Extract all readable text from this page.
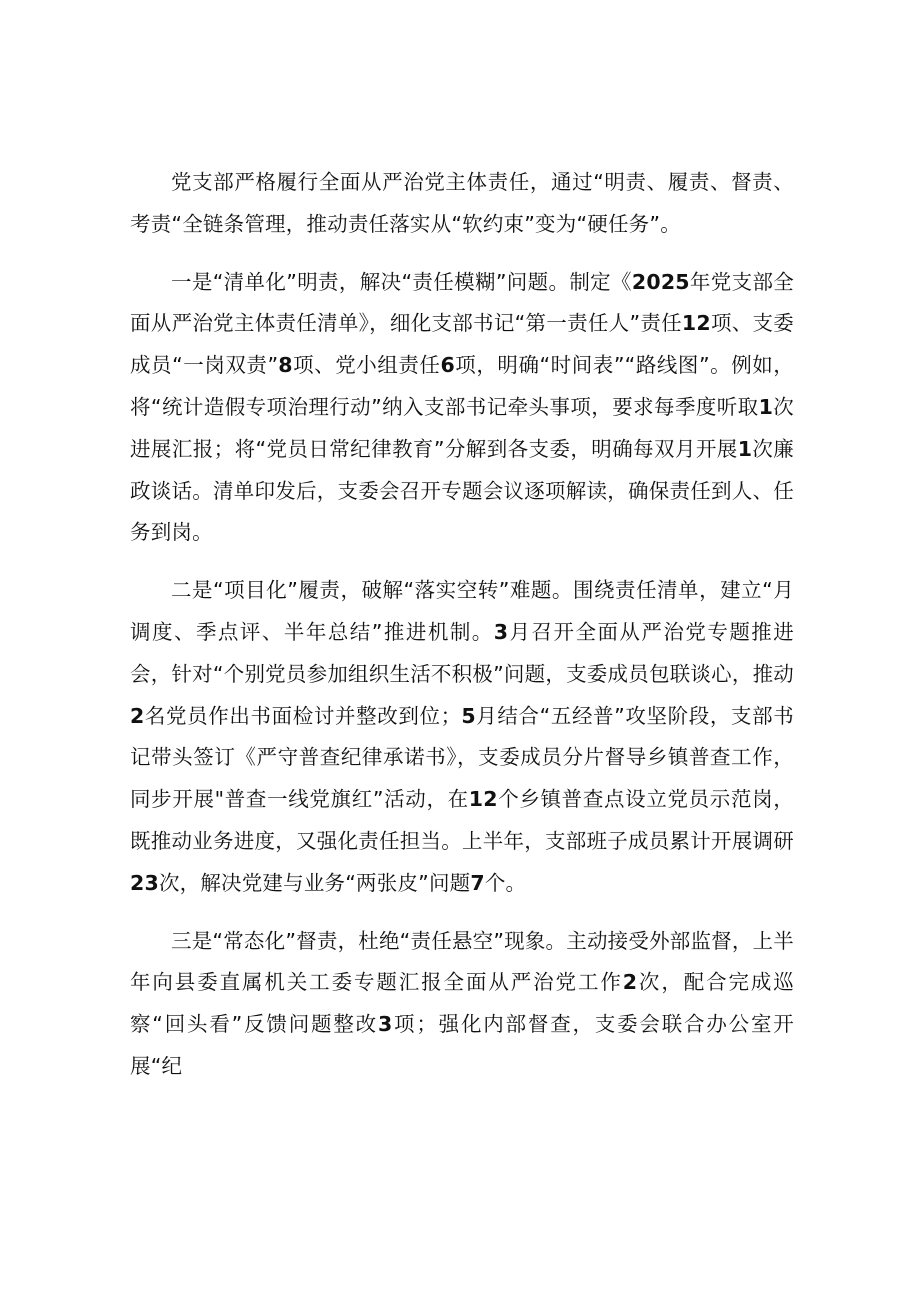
党支部严格履行全面从严治党主体责任，通过“明责、履责、督责、考责“全链条管理，推动责任落实从“软约束”变为“硬任务”。

一是“清单化”明责，解决“责任模糊”问题。制定《2025年党支部全面从严治党主体责任清单》，细化支部书记“第一责任人”责任12项、支委成员“一岗双责”8项、党小组责任6项，明确“时间表”“路线图”。例如，将“统计造假专项治理行动”纳入支部书记牵头事项，要求每季度听取1次进展汇报；将“党员日常纪律教育”分解到各支委，明确每双月开展1次廉政谈话。清单印发后，支委会召开专题会议逐项解读，确保责任到人、任务到岗。

二是“项目化”履责，破解“落实空转”难题。围绕责任清单，建立“月调度、季点评、半年总结”推进机制。3月召开全面从严治党专题推进会，针对“个别党员参加组织生活不积极”问题，支委成员包联谈心，推动2名党员作出书面检讨并整改到位；5月结合“五经普”攻坚阶段，支部书记带头签订《严守普查纪律承诺书》，支委成员分片督导乡镇普查工作，同步开展"普查一线党旗红”活动，在12个乡镇普查点设立党员示范岗，既推动业务进度，又强化责任担当。上半年，支部班子成员累计开展调研23次，解决党建与业务“两张皮”问题7个。

三是“常态化”督责，杜绝“责任悬空”现象。主动接受外部监督，上半年向县委直属机关工委专题汇报全面从严治党工作2次，配合完成巡察“回头看”反馈问题整改3项；强化内部督查，支委会联合办公室开展“纪
